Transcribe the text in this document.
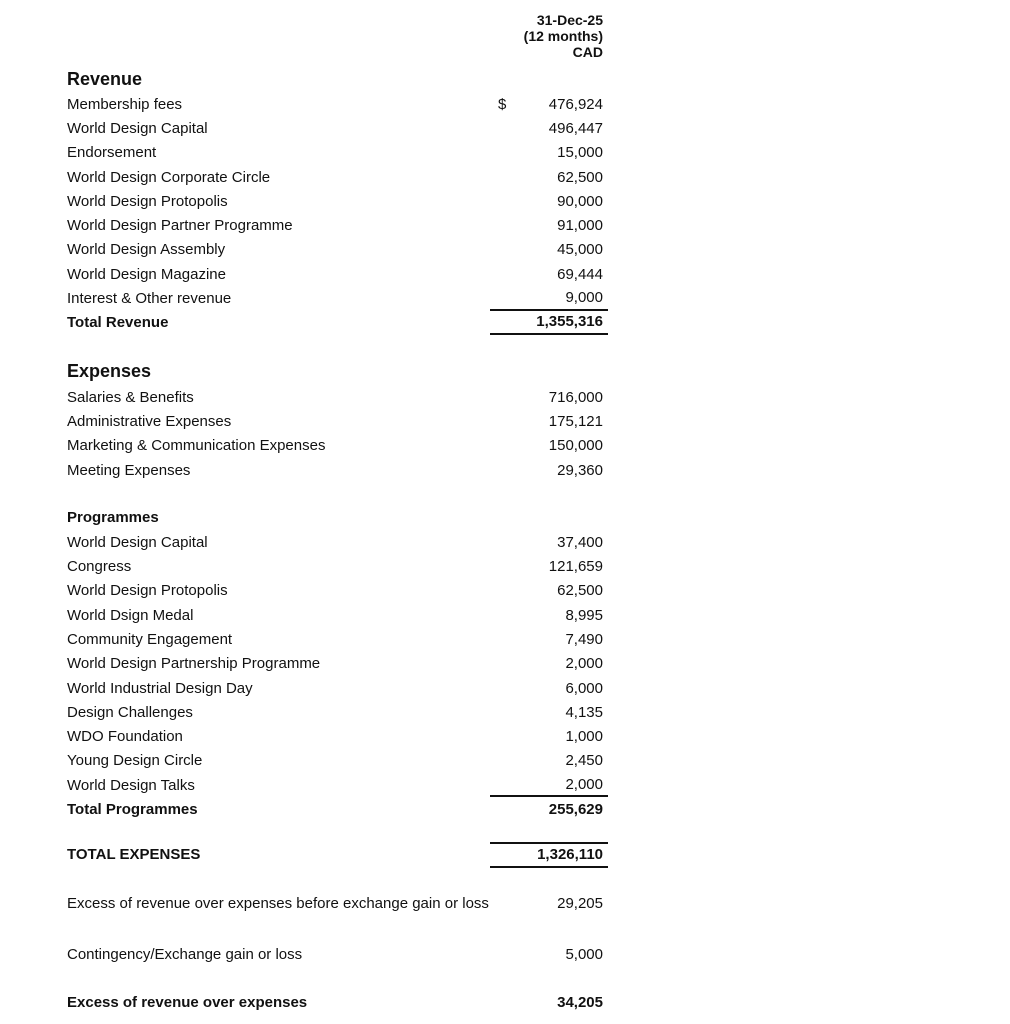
31-Dec-25
(12 months)
CAD
Revenue
Membership fees	$	476,924
World Design Capital	496,447
Endorsement	15,000
World Design Corporate Circle	62,500
World Design Protopolis	90,000
World Design Partner Programme	91,000
World Design Assembly	45,000
World Design Magazine	69,444
Interest & Other revenue	9,000
Total Revenue	1,355,316
Expenses
Salaries & Benefits	716,000
Administrative Expenses	175,121
Marketing & Communication Expenses	150,000
Meeting Expenses	29,360
Programmes
World Design Capital	37,400
Congress	121,659
World Design Protopolis	62,500
World Dsign Medal	8,995
Community Engagement	7,490
World Design Partnership Programme	2,000
World Industrial Design Day	6,000
Design Challenges	4,135
WDO Foundation	1,000
Young Design Circle	2,450
World Design Talks	2,000
Total Programmes	255,629
TOTAL EXPENSES	1,326,110
Excess of revenue over expenses before exchange gain or loss	29,205
Contingency/Exchange gain or loss	5,000
Excess of revenue over expenses	34,205
